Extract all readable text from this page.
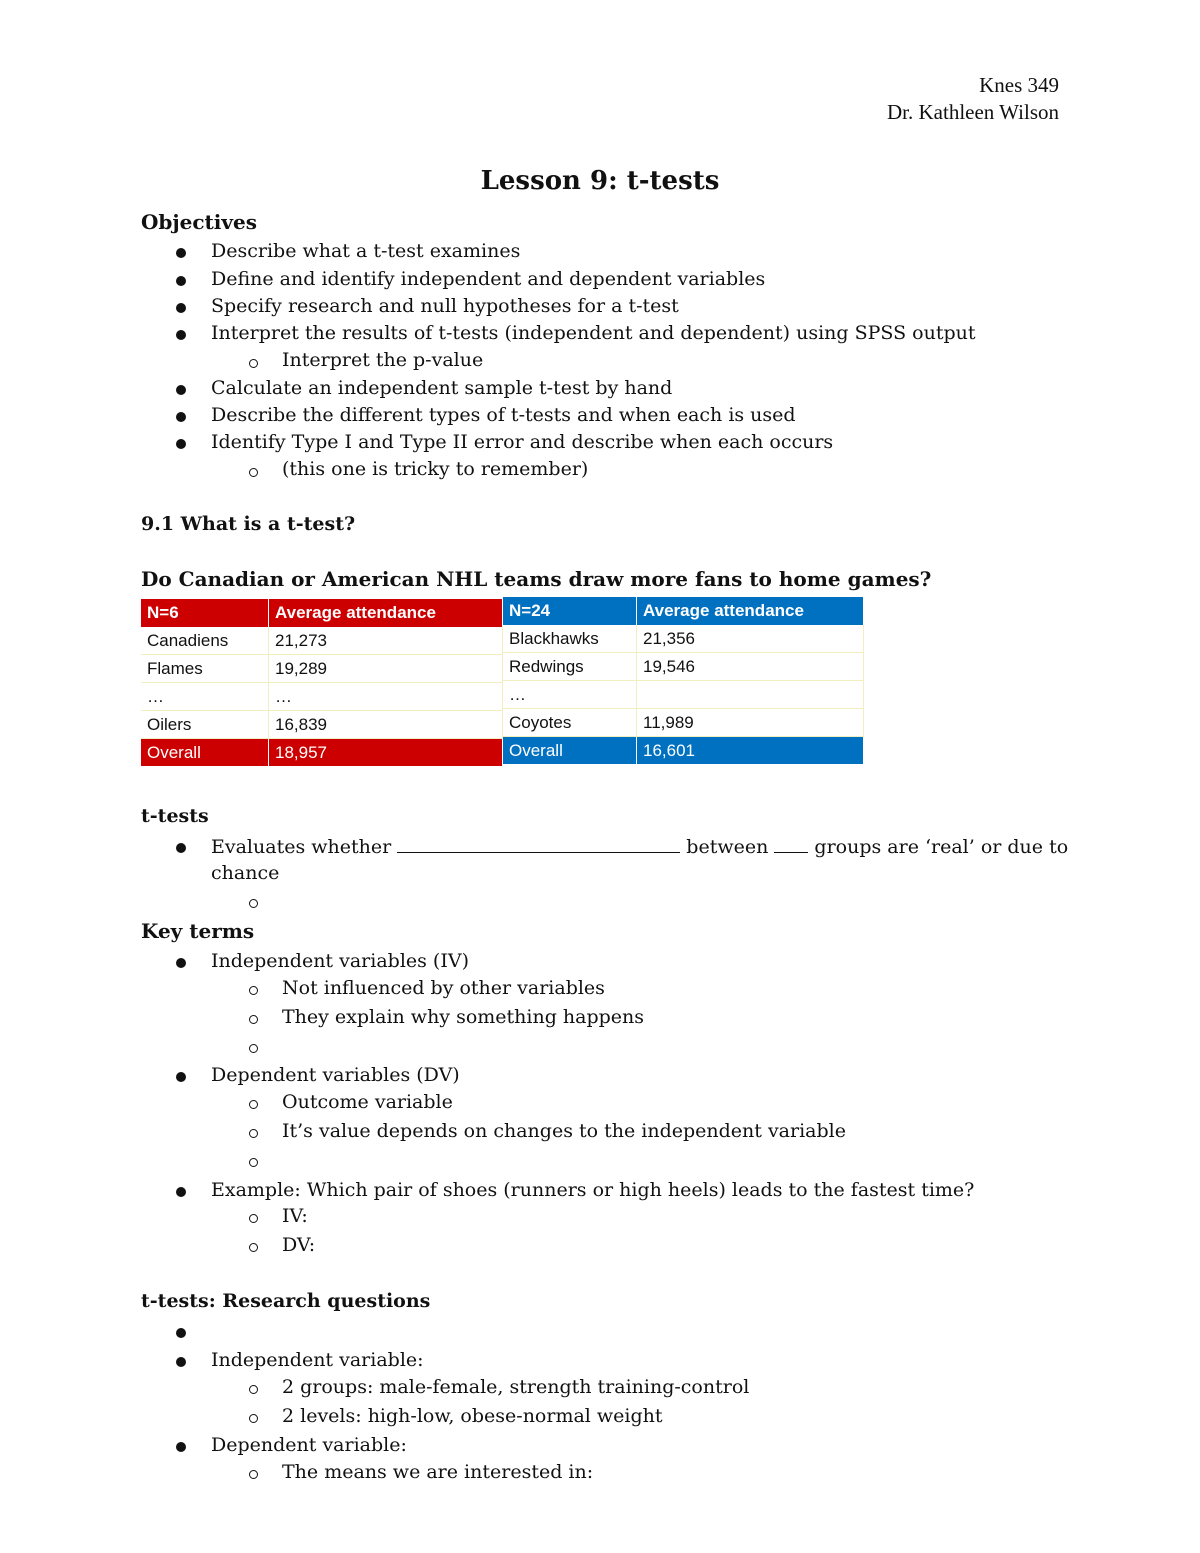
Knes 349
Dr. Kathleen Wilson
Lesson 9: t-tests
Objectives
Describe what a t-test examines
Define and identify independent and dependent variables
Specify research and null hypotheses for a t-test
Interpret the results of t-tests (independent and dependent) using SPSS output
Interpret the p-value
Calculate an independent sample t-test by hand
Describe the different types of t-tests and when each is used
Identify Type I and Type II error and describe when each occurs
(this one is tricky to remember)
9.1 What is a t-test?
Do Canadian or American NHL teams draw more fans to home games?
N=6	Average attendance
Canadiens	21,273
Flames	19,289
…	…
Oilers	16,839
Overall	18,957
N=24	Average attendance
Blackhawks	21,356
Redwings	19,546
…	
Coyotes	11,989
Overall	16,601
t-tests
Evaluates whether	between groups are ‘real’ or due to
chance
Key terms
Independent variables (IV)
Not influenced by other variables
They explain why something happens
Dependent variables (DV)
Outcome variable
It’s value depends on changes to the independent variable
Example: Which pair of shoes (runners or high heels) leads to the fastest time?
IV:
DV:
t-tests: Research questions
Independent variable:
2 groups: male-female, strength training-control
2 levels: high-low, obese-normal weight
Dependent variable:
The means we are interested in:
